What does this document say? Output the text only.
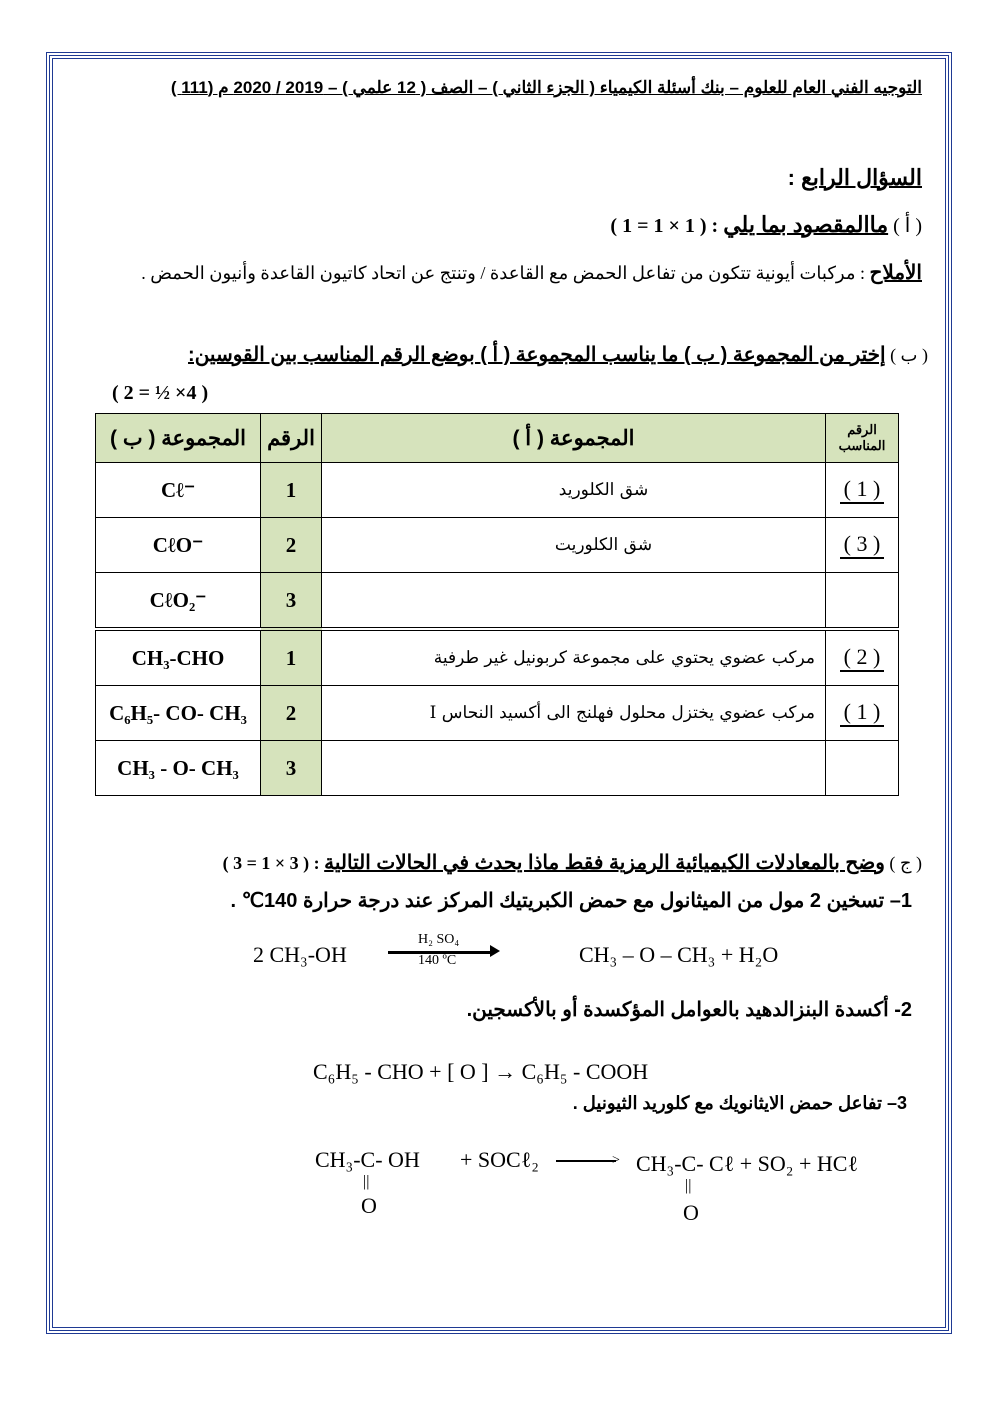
التوجيه الفني العام للعلوم – بنك أسئلة الكيمياء ( الجزء الثاني ) – الصف ( 12 علمي ) – 2019 / 2020 م (111 )
السؤال الرابع :
( أ ) ماالمقصود بما يلي : ( 1 × 1 = 1 )
الأملاح : مركبات أيونية تتكون من تفاعل الحمض مع القاعدة / وتنتج عن اتحاد كاتيون القاعدة وأنيون الحمض .
( ب ) إختر من المجموعة ( ب ) ما يناسب المجموعة ( أ ) بوضع الرقم المناسب بين القوسين:
( 2 = ½ ×4 )
المجموعة ( ب )	الرقم	المجموعة ( أ )	الرقم المناسب
Cℓ⁻	1	شق الكلوريد	( 1 )
CℓO⁻	2	شق الكلوريت	( 3 )
CℓO₂⁻	3		
CH₃-CHO	1	مركب عضوي يحتوي على مجموعة كربونيل غير طرفية	( 2 )
C₆H₅- CO- CH₃	2	مركب عضوي يختزل محلول فهلنج الى أكسيد النحاس I	( 1 )
CH₃ - O- CH₃	3		
( ج ) وضح بالمعادلات الكيميائية الرمزية فقط ماذا يحدث في الحالات التالية : ( 3 × 1 = 3 )
1– تسخين 2 مول من الميثانول مع حمض الكبريتيك المركز عند درجة حرارة 140℃ .
2 CH₃-OH
H₂ SO₄
140 ºC	CH₃ – O – CH₃ + H₂O
2- أكسدة البنزالدهيد بالعوامل المؤكسدة أو بالأكسجين.
C₆H₅ - CHO + [ O ] → C₆H₅ - COOH
3– تفاعل حمض الايثانويك مع كلوريد الثيونيل .
CH₃-C- OH
||
O
+ SOCℓ₂	> CH₃-C- Cℓ + SO₂ + HCℓ
||
O
